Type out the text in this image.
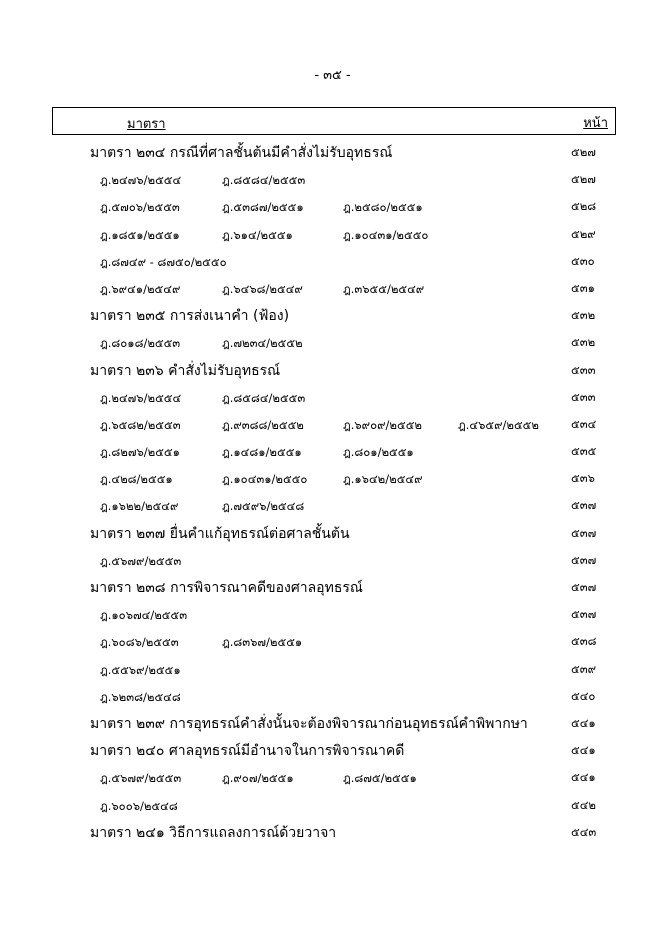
- ๓๕ -
มาตรา	หน้า
มาตรา ๒๓๔ กรณีที่ศาลชั้นต้นมีคำสั่งไม่รับอุทธรณ์	๕๒๗
ฎ.๒๔๗๖/๒๕๕๔	ฎ.๘๕๘๔/๒๕๕๓	๕๒๗
ฎ.๕๗๐๖/๒๕๕๓	ฎ.๕๓๘๗/๒๕๕๑	ฎ.๒๕๘๐/๒๕๕๑	๕๒๘
ฎ.๑๘๕๑/๒๕๕๑	ฎ.๖๑๔/๒๕๕๑	ฎ.๑๐๔๓๑/๒๕๕๐	๕๒๙
ฎ.๘๗๔๙ - ๘๗๕๐/๒๕๕๐	๕๓๐
ฎ.๖๙๔๑/๒๕๔๙	ฎ.๖๔๖๘/๒๕๔๙	ฎ.๓๖๕๕/๒๕๔๙	๕๓๑
มาตรา ๒๓๕ การส่งเนาคำ (ฟ้อง)	๕๓๒
ฎ.๘๐๑๘/๒๕๕๓	ฎ.๗๒๓๔/๒๕๕๒	๕๓๒
มาตรา ๒๓๖ คำสั่งไม่รับอุทธรณ์	๕๓๓
ฎ.๒๔๗๖/๒๕๕๔	ฎ.๘๕๘๔/๒๕๕๓	๕๓๓
ฎ.๖๕๘๒/๒๕๕๓	ฎ.๙๓๘๘/๒๕๕๒	ฎ.๖๙๐๙/๒๕๕๒	ฎ.๔๖๕๙/๒๕๕๒	๕๓๔
ฎ.๘๒๗๖/๒๕๕๑	ฎ.๑๔๘๑/๒๕๕๑	ฎ.๘๐๑/๒๕๕๑	๕๓๕
ฎ.๔๒๘/๒๕๕๑	ฎ.๑๐๔๓๑/๒๕๕๐	ฎ.๑๖๔๒/๒๕๔๙	๕๓๖
ฎ.๑๖๒๒/๒๕๔๙	ฎ.๗๕๙๖/๒๕๔๘	๕๓๗
มาตรา ๒๓๗ ยื่นคำแก้อุทธรณ์ต่อศาลชั้นต้น	๕๓๗
ฎ.๕๖๗๙/๒๕๕๓	๕๓๗
มาตรา ๒๓๘ การพิจารณาคดีของศาลอุทธรณ์	๕๓๗
ฎ.๑๐๖๗๔/๒๕๕๓	๕๓๗
ฎ.๖๐๘๖/๒๕๕๓	ฎ.๘๓๖๗/๒๕๕๑	๕๓๘
ฎ.๕๕๖๙/๒๕๕๑	๕๓๙
ฎ.๖๒๓๘/๒๕๔๘	๕๔๐
มาตรา ๒๓๙ การอุทธรณ์คำสั่งนั้นจะต้องพิจารณาก่อนอุทธรณ์คำพิพากษา	๕๔๑
มาตรา ๒๔๐ ศาลอุทธรณ์มีอำนาจในการพิจารณาคดี	๕๔๑
ฎ.๕๖๗๙/๒๕๕๓	ฎ.๙๐๗/๒๕๕๑	ฎ.๘๗๕/๒๕๕๑	๕๔๑
ฎ.๖๐๐๖/๒๕๔๘	๕๔๒
มาตรา ๒๔๑ วิธีการแถลงการณ์ด้วยวาจา	๕๔๓
